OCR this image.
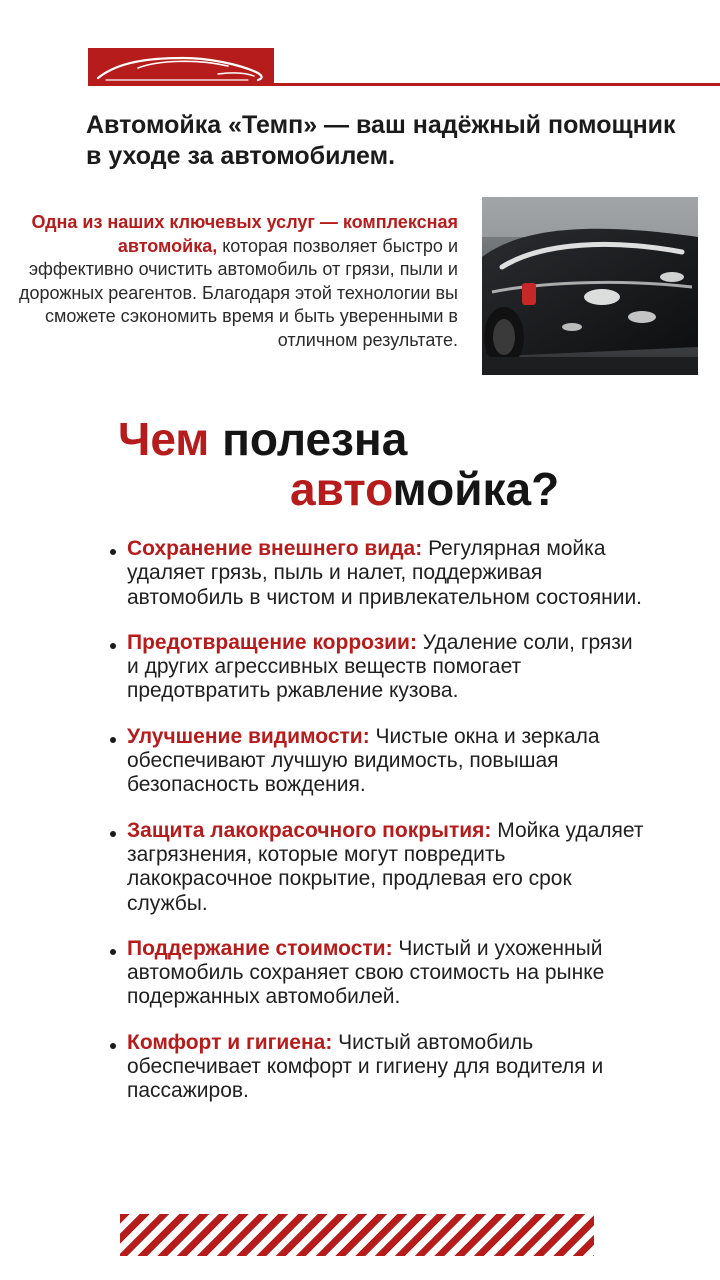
Автомойка «Темп» — ваш надёжный помощник в уходе за автомобилем.
Одна из наших ключевых услуг — комплексная автомойка, которая позволяет быстро и эффективно очистить автомобиль от грязи, пыли и дорожных реагентов. Благодаря этой технологии вы сможете сэкономить время и быть уверенными в отличном результате.
Чем полезна
автомойка?
Сохранение внешнего вида: Регулярная мойка удаляет грязь, пыль и налет, поддерживая автомобиль в чистом и привлекательном состоянии.
Предотвращение коррозии: Удаление соли, грязи и других агрессивных веществ помогает предотвратить ржавление кузова.
Улучшение видимости: Чистые окна и зеркала обеспечивают лучшую видимость, повышая безопасность вождения.
Защита лакокрасочного покрытия: Мойка удаляет загрязнения, которые могут повредить лакокрасочное покрытие, продлевая его срок службы.
Поддержание стоимости: Чистый и ухоженный автомобиль сохраняет свою стоимость на рынке подержанных автомобилей.
Комфорт и гигиена: Чистый автомобиль обеспечивает комфорт и гигиену для водителя и пассажиров.
